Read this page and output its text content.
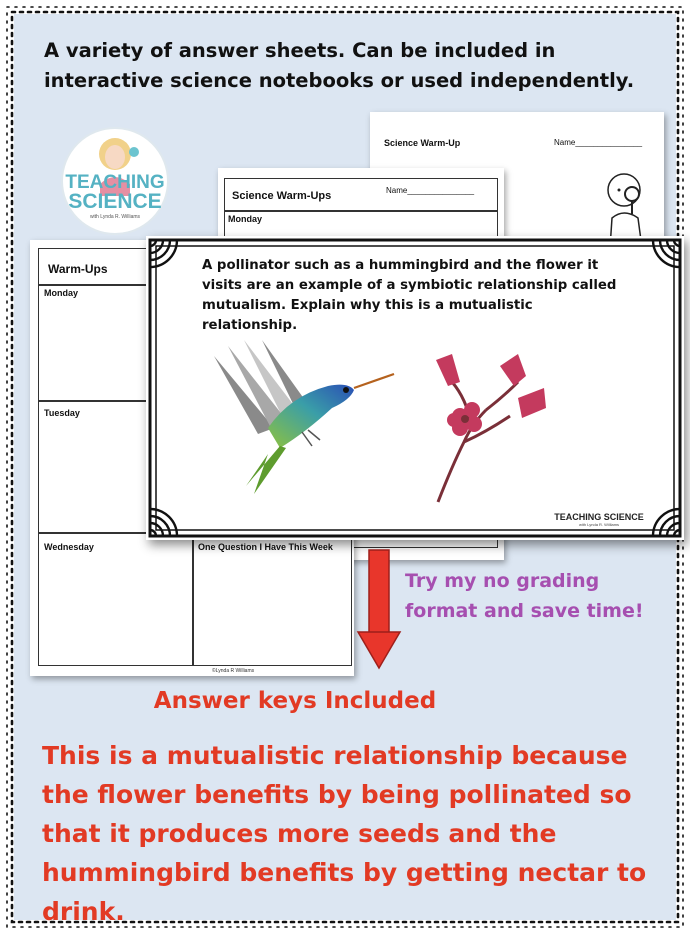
A variety of answer sheets. Can be included in interactive science notebooks or used independently.
TEACHING
SCIENCE
with Lynda R. Williams
Science Warm-Up	Name_______________
Science Warm-Ups	Name_______________
Monday
Warm-Ups
Monday
Tuesday
Wednesday	One Question I Have This Week
©Lynda R Williams
A pollinator such as a hummingbird and the flower it visits are an example of a symbiotic relationship called mutualism. Explain why this is a mutualistic relationship.
TEACHING SCIENCE
with Lynda R. Williams
Try my no grading format and save time!
Answer keys Included
This is a mutualistic relationship because the flower benefits by being pollinated so that it produces more seeds and the hummingbird benefits by getting nectar to drink.
